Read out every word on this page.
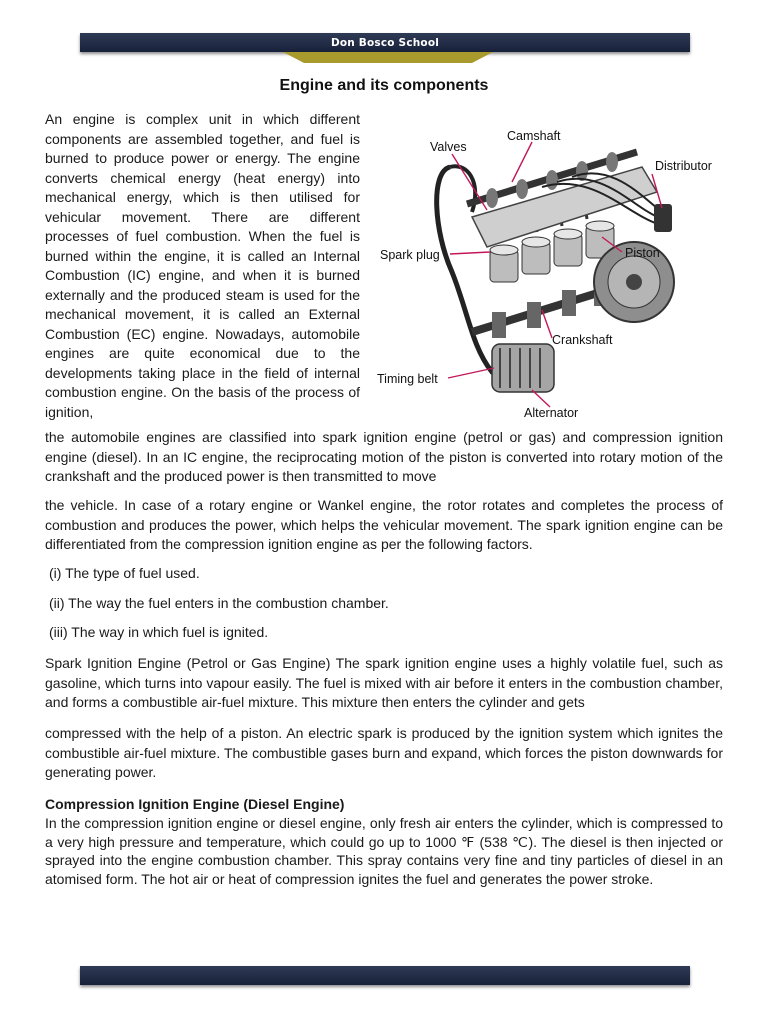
Don Bosco School
Engine and its components

An engine is complex unit in which different components are assembled together, and fuel is burned to produce power or energy. The engine converts chemical energy (heat energy) into mechanical energy, which is then utilised for vehicular movement. There are different processes of fuel combustion. When the fuel is burned within the engine, it is called an Internal Combustion (IC) engine, and when it is burned externally and the produced steam is used for the mechanical movement, it is called an External Combustion (EC) engine. Nowadays, automobile engines are quite economical due to the developments taking place in the field of internal combustion engine. On the basis of the process of ignition,

Valves
Camshaft
Distributor
Spark plug	Piston
Crankshaft
Timing belt
Alternator

the automobile engines are classified into spark ignition engine (petrol or gas) and compression ignition engine (diesel). In an IC engine, the reciprocating motion of the piston is converted into rotary motion of the crankshaft and the produced power is then transmitted to move

the vehicle. In case of a rotary engine or Wankel engine, the rotor rotates and completes the process of combustion and produces the power, which helps the vehicular movement. The spark ignition engine can be differentiated from the compression ignition engine as per the following factors.

(i) The type of fuel used.
(ii) The way the fuel enters in the combustion chamber.
(iii) The way in which fuel is ignited.

Spark Ignition Engine (Petrol or Gas Engine) The spark ignition engine uses a highly volatile fuel, such as gasoline, which turns into vapour easily. The fuel is mixed with air before it enters in the combustion chamber, and forms a combustible air-fuel mixture. This mixture then enters the cylinder and gets

compressed with the help of a piston. An electric spark is produced by the ignition system which ignites the combustible air-fuel mixture. The combustible gases burn and expand, which forces the piston downwards for generating power.

Compression Ignition Engine (Diesel Engine)

In the compression ignition engine or diesel engine, only fresh air enters the cylinder, which is compressed to a very high pressure and temperature, which could go up to 1000 ℉ (538 ℃). The diesel is then injected or sprayed into the engine combustion chamber. This spray contains very fine and tiny particles of diesel in an atomised form. The hot air or heat of compression ignites the fuel and generates the power stroke.
